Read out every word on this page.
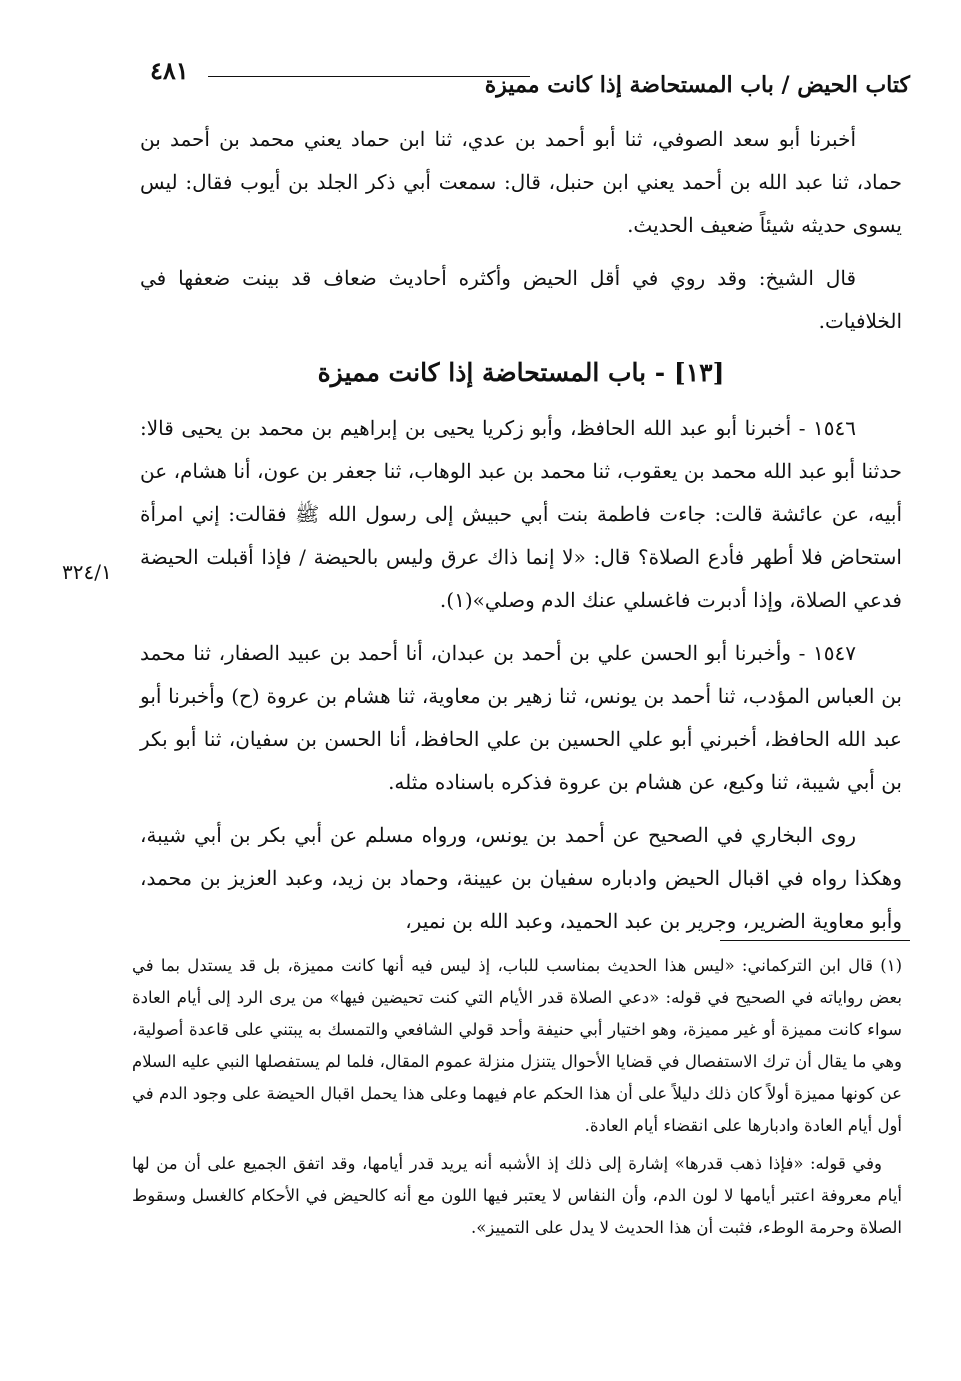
٤٨١	كتاب الحيض / باب المستحاضة إذا كانت مميزة

أخبرنا أبو سعد الصوفي، ثنا أبو أحمد بن عدي، ثنا ابن حماد يعني محمد بن أحمد بن حماد، ثنا عبد الله بن أحمد يعني ابن حنبل، قال: سمعت أبي ذكر الجلد بن أيوب فقال: ليس يسوى حديثه شيئاً ضعيف الحديث.

قال الشيخ: وقد روي في أقل الحيض وأكثره أحاديث ضعاف قد بينت ضعفها في الخلافيات.

[١٣] - باب المستحاضة إذا كانت مميزة

١٥٤٦ - أخبرنا أبو عبد الله الحافظ، وأبو زكريا يحيى بن إبراهيم بن محمد بن يحيى قالا: حدثنا أبو عبد الله محمد بن يعقوب، ثنا محمد بن عبد الوهاب، ثنا جعفر بن عون، أنا هشام، عن أبيه، عن عائشة قالت: جاءت فاطمة بنت أبي حبيش إلى رسول الله ﷺ فقالت: إني امرأة استحاض فلا أطهر فأدع الصلاة؟ قال: «لا إنما ذاك عرق وليس بالحيضة / فإذا أقبلت الحيضة فدعي الصلاة، وإذا أدبرت فاغسلي عنك الدم وصلي»(١).

١٥٤٧ - وأخبرنا أبو الحسن علي بن أحمد بن عبدان، أنا أحمد بن عبيد الصفار، ثنا محمد بن العباس المؤدب، ثنا أحمد بن يونس، ثنا زهير بن معاوية، ثنا هشام بن عروة (ح) وأخبرنا أبو عبد الله الحافظ، أخبرني أبو علي الحسين بن علي الحافظ، أنا الحسن بن سفيان، ثنا أبو بكر بن أبي شيبة، ثنا وكيع، عن هشام بن عروة فذكره باسناده مثله.

روى البخاري في الصحيح عن أحمد بن يونس، ورواه مسلم عن أبي بكر بن أبي شيبة، وهكذا رواه في اقبال الحيض وادباره سفيان بن عيينة، وحماد بن زيد، وعبد العزيز بن محمد، وأبو معاوية الضرير، وجرير بن عبد الحميد، وعبد الله بن نمير،

٣٢٤/١

(١) قال ابن التركماني: «ليس هذا الحديث بمناسب للباب، إذ ليس فيه أنها كانت مميزة، بل قد يستدل بما في بعض رواياته في الصحيح في قوله: «دعي الصلاة قدر الأيام التي كنت تحيضين فيها» من يرى الرد إلى أيام العادة سواء كانت مميزة أو غير مميزة، وهو اختيار أبي حنيفة وأحد قولي الشافعي والتمسك به يبتني على قاعدة أصولية، وهي ما يقال أن ترك الاستفصال في قضايا الأحوال يتنزل منزلة عموم المقال، فلما لم يستفصلها النبي عليه السلام عن كونها مميزة أولاً كان ذلك دليلاً على أن هذا الحكم عام فيهما وعلى هذا يحمل اقبال الحيضة على وجود الدم في أول أيام العادة وادبارها على انقضاء أيام العادة.

وفي قوله: «فإذا ذهب قدرها» إشارة إلى ذلك إذ الأشبه أنه يريد قدر أيامها، وقد اتفق الجميع على أن من لها أيام معروفة اعتبر أيامها لا لون الدم، وأن النفاس لا يعتبر فيها اللون مع أنه كالحيض في الأحكام كالغسل وسقوط الصلاة وحرمة الوطء، فثبت أن هذا الحديث لا يدل على التمييز».
